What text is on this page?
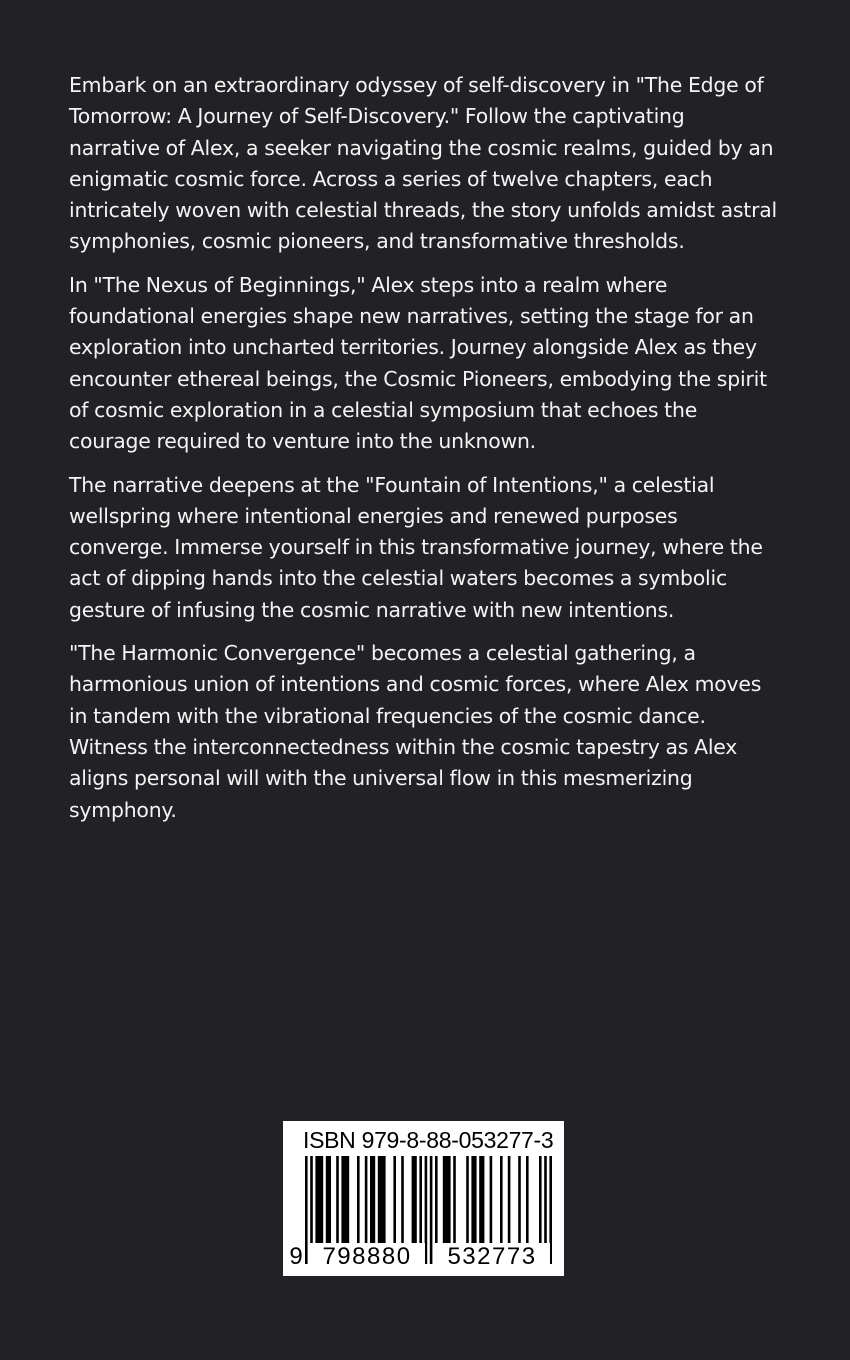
Embark on an extraordinary odyssey of self-discovery in "The Edge of Tomorrow: A Journey of Self-Discovery." Follow the captivating narrative of Alex, a seeker navigating the cosmic realms, guided by an enigmatic cosmic force. Across a series of twelve chapters, each intricately woven with celestial threads, the story unfolds amidst astral symphonies, cosmic pioneers, and transformative thresholds.

In "The Nexus of Beginnings," Alex steps into a realm where foundational energies shape new narratives, setting the stage for an exploration into uncharted territories. Journey alongside Alex as they encounter ethereal beings, the Cosmic Pioneers, embodying the spirit of cosmic exploration in a celestial symposium that echoes the courage required to venture into the unknown.

The narrative deepens at the "Fountain of Intentions," a celestial wellspring where intentional energies and renewed purposes converge. Immerse yourself in this transformative journey, where the act of dipping hands into the celestial waters becomes a symbolic gesture of infusing the cosmic narrative with new intentions.

"The Harmonic Convergence" becomes a celestial gathering, a harmonious union of intentions and cosmic forces, where Alex moves in tandem with the vibrational frequencies of the cosmic dance. Witness the interconnectedness within the cosmic tapestry as Alex aligns personal will with the universal flow in this mesmerizing symphony.

ISBN 979-8-88-053277-3
9 798880	532773
